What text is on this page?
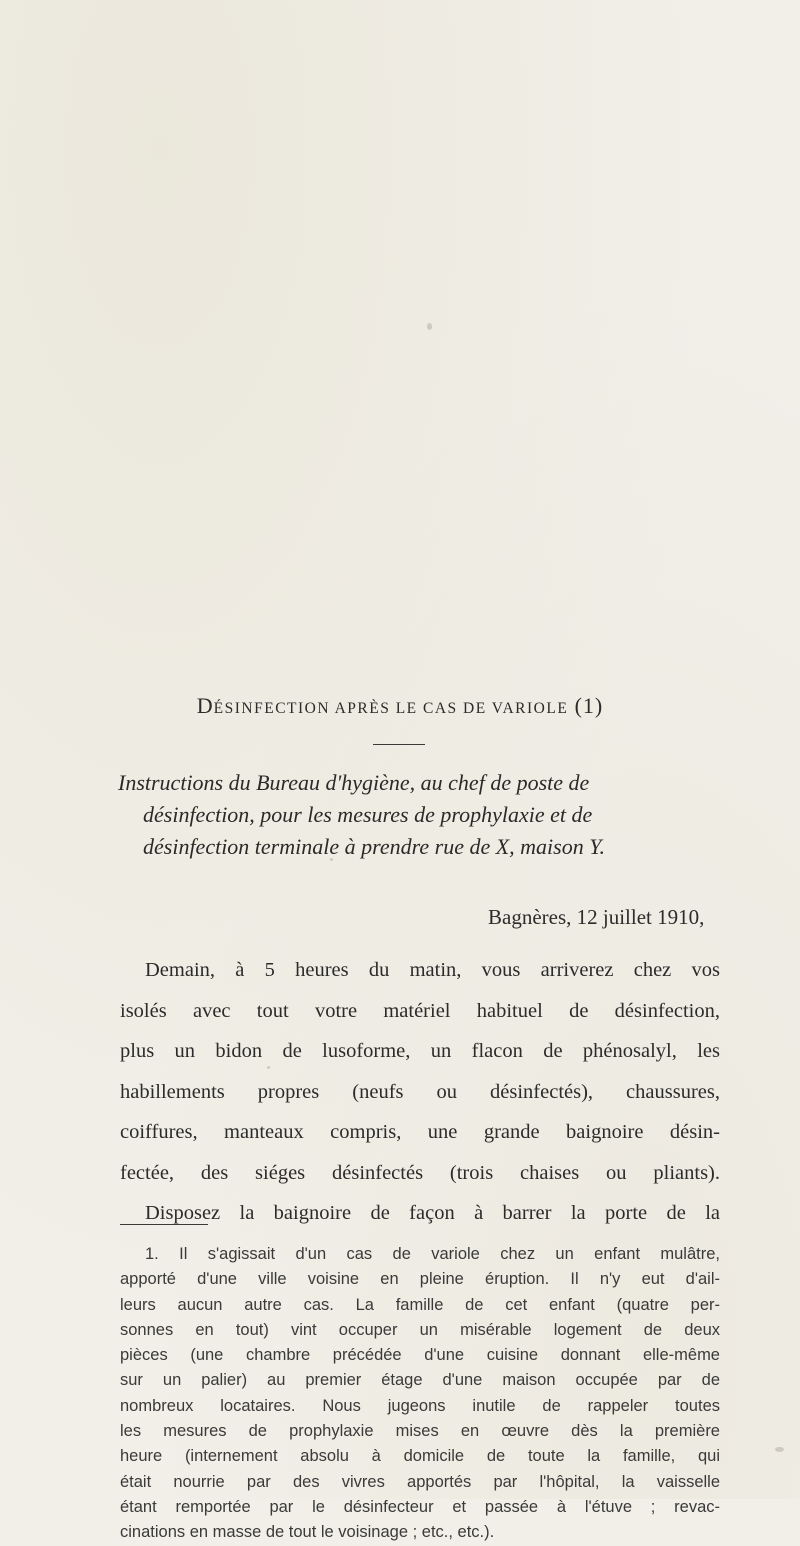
DÉSINFECTION APRÈS LE CAS DE VARIOLE (1)
Instructions du Bureau d'hygiène, au chef de poste de
désinfection, pour les mesures de prophylaxie et de
désinfection terminale à prendre rue de X, maison Y.
Bagnères, 12 juillet 1910,
Demain, à 5 heures du matin, vous arriverez chez vos
isolés avec tout votre matériel habituel de désinfection,
plus un bidon de lusoforme, un flacon de phénosalyl, les
habillements propres (neufs ou désinfectés), chaussures,
coiffures, manteaux compris, une grande baignoire désin-
fectée, des siéges désinfectés (trois chaises ou pliants).
Disposez la baignoire de façon à barrer la porte de la
1. Il s'agissait d'un cas de variole chez un enfant mulâtre,
apporté d'une ville voisine en pleine éruption. Il n'y eut d'ail-
leurs aucun autre cas. La famille de cet enfant (quatre per-
sonnes en tout) vint occuper un misérable logement de deux
pièces (une chambre précédée d'une cuisine donnant elle-même
sur un palier) au premier étage d'une maison occupée par de
nombreux locataires. Nous jugeons inutile de rappeler toutes
les mesures de prophylaxie mises en œuvre dès la première
heure (internement absolu à domicile de toute la famille, qui
était nourrie par des vivres apportés par l'hôpital, la vaisselle
étant remportée par le désinfecteur et passée à l'étuve ; revac-
cinations en masse de tout le voisinage ; etc., etc.).
